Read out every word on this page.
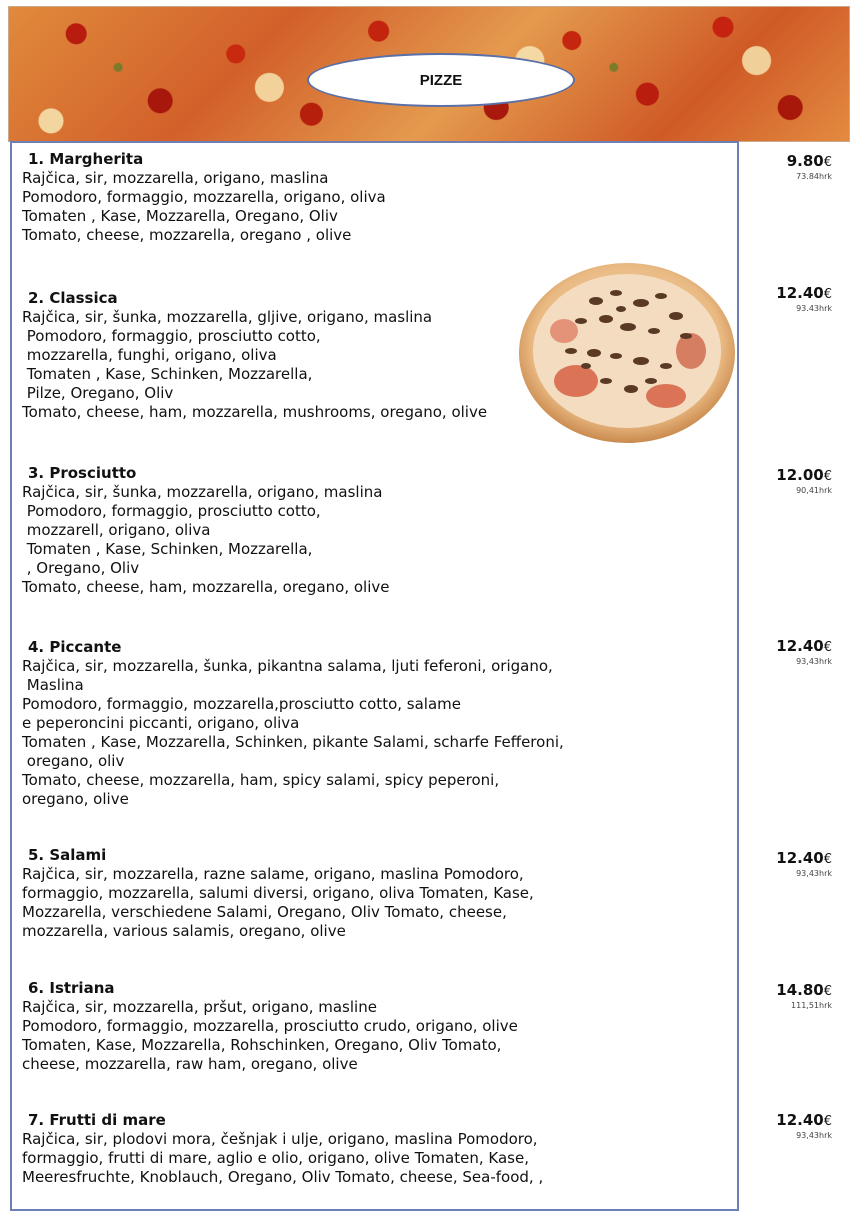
PIZZE
1. Margherita
Rajčica, sir, mozzarella, origano, maslina
Pomodoro, formaggio, mozzarella, origano, oliva
Tomaten , Kase, Mozzarella, Oregano, Oliv
Tomato, cheese, mozzarella, oregano , olive
9.80€
73.84hrk
2. Classica
Rajčica, sir, šunka, mozzarella, gljive, origano, maslina
Pomodoro, formaggio, prosciutto cotto,
mozzarella, funghi, origano, oliva
Tomaten , Kase, Schinken, Mozzarella,
Pilze, Oregano, Oliv
Tomato, cheese, ham, mozzarella, mushrooms, oregano, olive
12.40€
93.43hrk
3. Prosciutto
Rajčica, sir, šunka, mozzarella, origano, maslina
Pomodoro, formaggio, prosciutto cotto,
mozzarell, origano, oliva
Tomaten , Kase, Schinken, Mozzarella,
, Oregano, Oliv
Tomato, cheese, ham, mozzarella, oregano, olive
12.00€
90,41hrk
4. Piccante
Rajčica, sir, mozzarella, šunka, pikantna salama, ljuti feferoni, origano,
Maslina
Pomodoro, formaggio, mozzarella,prosciutto cotto, salame
e peperoncini piccanti, origano, oliva
Tomaten , Kase, Mozzarella, Schinken, pikante Salami, scharfe Fefferoni,
oregano, oliv
Tomato, cheese, mozzarella, ham, spicy salami, spicy peperoni,
oregano, olive
12.40€
93,43hrk
5. Salami
Rajčica, sir, mozzarella, razne salame, origano, maslina Pomodoro,
formaggio, mozzarella, salumi diversi, origano, oliva Tomaten, Kase,
Mozzarella, verschiedene Salami, Oregano, Oliv Tomato, cheese,
mozzarella, various salamis, oregano, olive
12.40€
93,43hrk
6. Istriana
Rajčica, sir, mozzarella, pršut, origano, masline
Pomodoro, formaggio, mozzarella, prosciutto crudo, origano, olive
Tomaten, Kase, Mozzarella, Rohschinken, Oregano, Oliv Tomato,
cheese, mozzarella, raw ham, oregano, olive
14.80€
111,51hrk
7. Frutti di mare
Rajčica, sir, plodovi mora, češnjak i ulje, origano, maslina Pomodoro,
formaggio, frutti di mare, aglio e olio, origano, olive Tomaten, Kase,
Meeresfruchte, Knoblauch, Oregano, Oliv Tomato, cheese, Sea-food, ,
12.40€
93,43hrk
